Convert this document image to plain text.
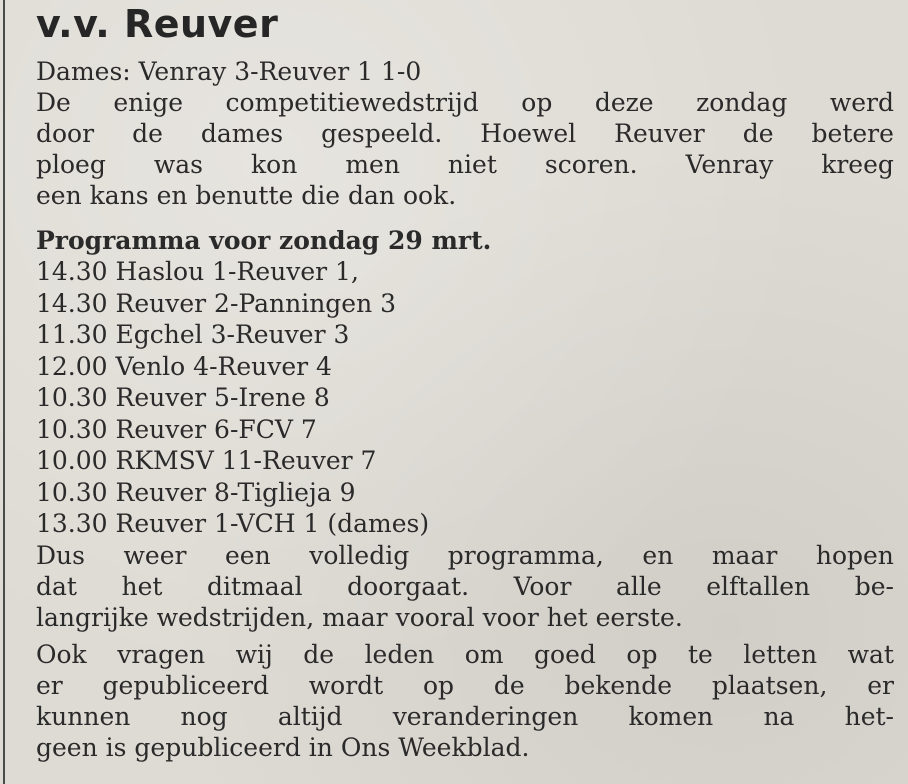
v.v. Reuver
Dames: Venray 3-Reuver 1 1-0
De enige competitiewedstrijd op deze zondag werd
door de dames gespeeld. Hoewel Reuver de betere
ploeg was kon men niet scoren. Venray kreeg
een kans en benutte die dan ook.
Programma voor zondag 29 mrt.
14.30 Haslou 1-Reuver 1,
14.30 Reuver 2-Panningen 3
11.30 Egchel 3-Reuver 3
12.00 Venlo 4-Reuver 4
10.30 Reuver 5-Irene 8
10.30 Reuver 6-FCV 7
10.00 RKMSV 11-Reuver 7
10.30 Reuver 8-Tiglieja 9
13.30 Reuver 1-VCH 1 (dames)
Dus weer een volledig programma, en maar hopen
dat het ditmaal doorgaat. Voor alle elftallen be-
langrijke wedstrijden, maar vooral voor het eerste.
Ook vragen wij de leden om goed op te letten wat
er gepubliceerd wordt op de bekende plaatsen, er
kunnen nog altijd veranderingen komen na het-
geen is gepubliceerd in Ons Weekblad.
